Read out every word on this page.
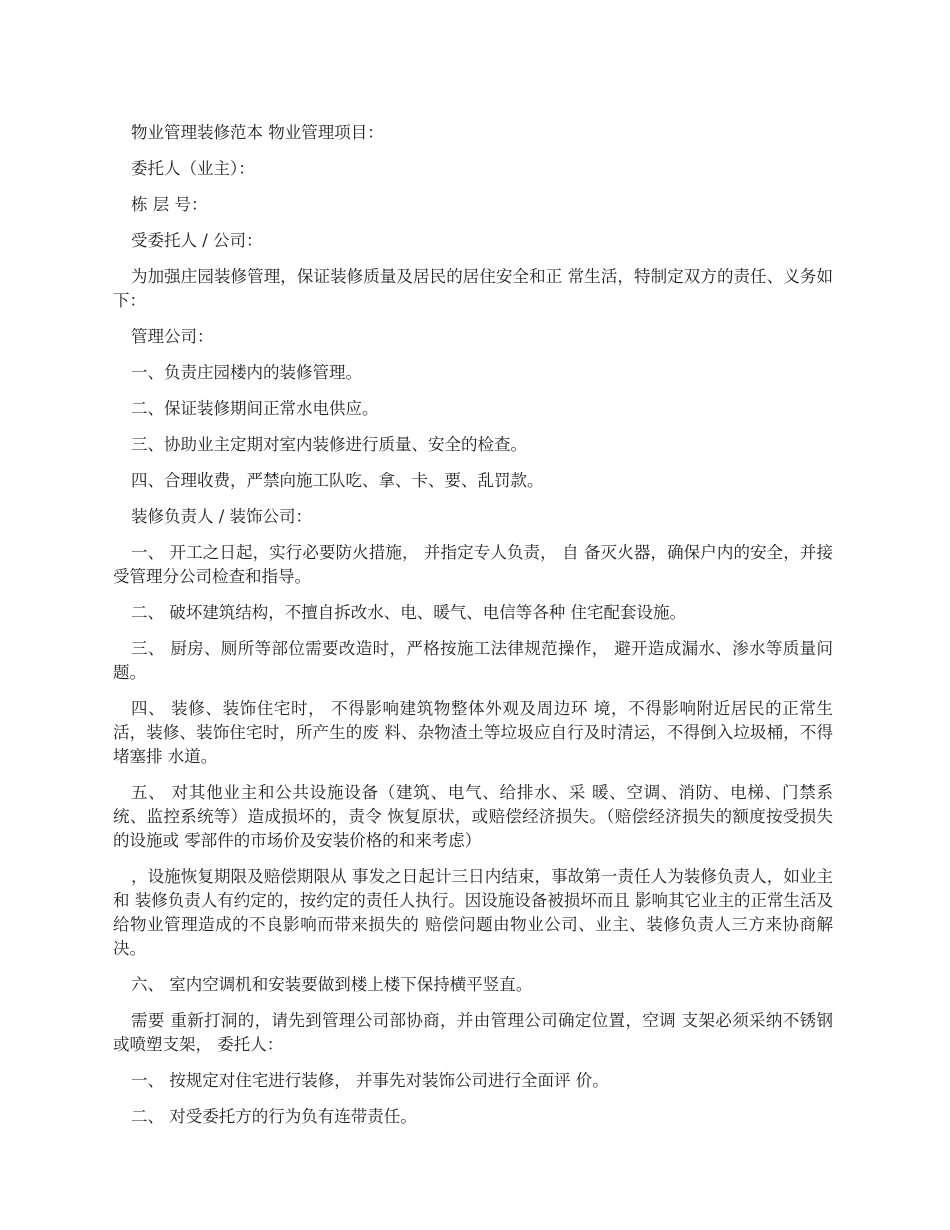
物业管理装修范本 物业管理项目：

委托人（业主）：

栋 层 号：

受委托人 / 公司：

为加强庄园装修管理，保证装修质量及居民的居住安全和正 常生活，特制定双方的责任、义务如下：

管理公司：

一、负责庄园楼内的装修管理。

二、保证装修期间正常水电供应。

三、协助业主定期对室内装修进行质量、安全的检查。

四、合理收费，严禁向施工队吃、拿、卡、要、乱罚款。

装修负责人 / 装饰公司：

一、 开工之日起，实行必要防火措施， 并指定专人负责， 自 备灭火器，确保户内的安全，并接受管理分公司检查和指导。

二、 破坏建筑结构，不擅自拆改水、电、暖气、电信等各种 住宅配套设施。

三、 厨房、厕所等部位需要改造时，严格按施工法律规范操作， 避开造成漏水、渗水等质量问题。

四、 装修、装饰住宅时， 不得影响建筑物整体外观及周边环 境，不得影响附近居民的正常生活，装修、装饰住宅时，所产生的废 料、杂物渣土等垃圾应自行及时清运，不得倒入垃圾桶，不得堵塞排 水道。

五、 对其他业主和公共设施设备（建筑、电气、给排水、采 暖、空调、消防、电梯、门禁系统、监控系统等）造成损坏的，责令 恢复原状，或赔偿经济损失。（赔偿经济损失的额度按受损失的设施或 零部件的市场价及安装价格的和来考虑）

，设施恢复期限及赔偿期限从 事发之日起计三日内结束，事故第一责任人为装修负责人，如业主和 装修负责人有约定的，按约定的责任人执行。因设施设备被损坏而且 影响其它业主的正常生活及给物业管理造成的不良影响而带来损失的 赔偿问题由物业公司、业主、装修负责人三方来协商解决。

六、 室内空调机和安装要做到楼上楼下保持横平竖直。

需要 重新打洞的，请先到管理公司部协商，并由管理公司确定位置，空调 支架必须采纳不锈钢或喷塑支架， 委托人：

一、 按规定对住宅进行装修， 并事先对装饰公司进行全面评 价。

二、 对受委托方的行为负有连带责任。
